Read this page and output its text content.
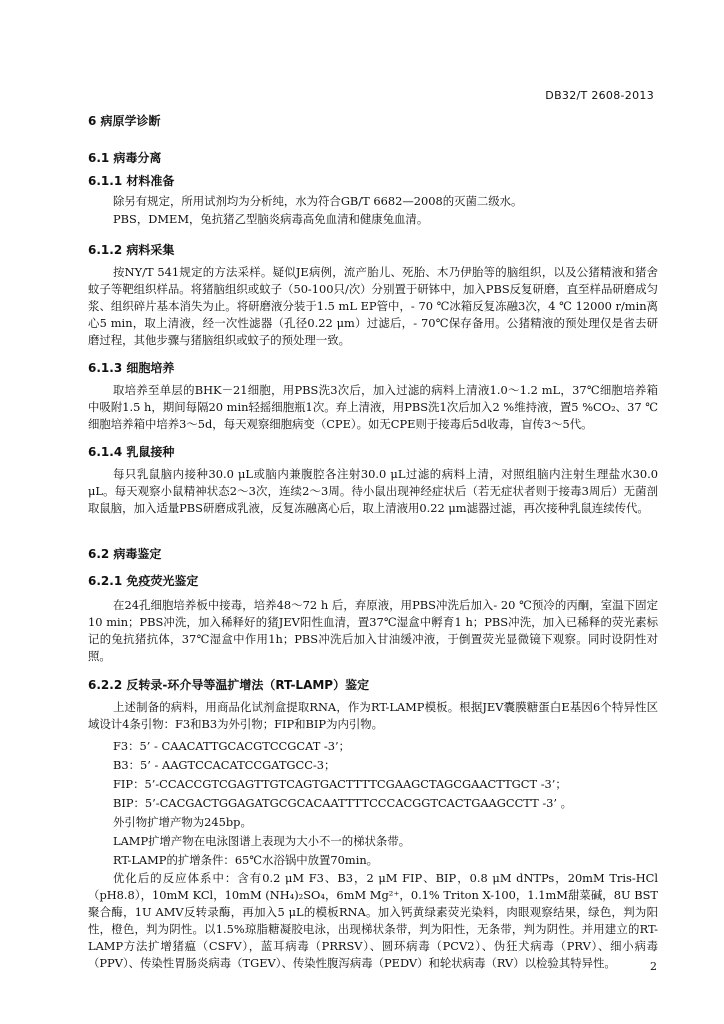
DB32/T 2608-2013
6 病原学诊断
6.1 病毒分离
6.1.1 材料准备
除另有规定，所用试剂均为分析纯，水为符合GB/T 6682—2008的灭菌二级水。
PBS，DMEM，兔抗猪乙型脑炎病毒高免血清和健康兔血清。
6.1.2 病料采集
按NY/T 541规定的方法采样。疑似JE病例，流产胎儿、死胎、木乃伊胎等的脑组织，以及公猪精液和猪舍蚊子等靶组织样品。将猪脑组织或蚊子（50-100只/次）分别置于研钵中，加入PBS反复研磨，直至样品研磨成匀浆、组织碎片基本消失为止。将研磨液分装于1.5 mL EP管中，- 70 ℃冰箱反复冻融3次，4 ℃ 12000 r/min离心5 min，取上清液，经一次性滤器（孔径0.22 μm）过滤后，- 70℃保存备用。公猪精液的预处理仅是省去研磨过程，其他步骤与猪脑组织或蚊子的预处理一致。
6.1.3 细胞培养
取培养至单层的BHK－21细胞，用PBS洗3次后，加入过滤的病料上清液1.0～1.2 mL，37℃细胞培养箱中吸附1.5 h，期间每隔20 min轻摇细胞瓶1次。弃上清液，用PBS洗1次后加入2 %维持液，置5 %CO₂、37 ℃细胞培养箱中培养3～5d，每天观察细胞病变（CPE）。如无CPE则于接毒后5d收毒，盲传3～5代。
6.1.4 乳鼠接种
每只乳鼠脑内接种30.0 μL或脑内兼腹腔各注射30.0 μL过滤的病料上清，对照组脑内注射生理盐水30.0 μL。每天观察小鼠精神状态2～3次，连续2～3周。待小鼠出现神经症状后（若无症状者则于接毒3周后）无菌剖取鼠脑，加入适量PBS研磨成乳液，反复冻融离心后，取上清液用0.22 μm滤器过滤，再次接种乳鼠连续传代。
6.2 病毒鉴定
6.2.1 免疫荧光鉴定
在24孔细胞培养板中接毒，培养48～72 h 后，弃原液，用PBS冲洗后加入- 20 ℃预冷的丙酮，室温下固定10 min；PBS冲洗，加入稀释好的猪JEV阳性血清，置37℃湿盒中孵育1 h；PBS冲洗，加入已稀释的荧光素标记的兔抗猪抗体，37℃湿盒中作用1h；PBS冲洗后加入甘油缓冲液，于倒置荧光显微镜下观察。同时设阴性对照。
6.2.2 反转录-环介导等温扩增法（RT-LAMP）鉴定
上述制备的病料，用商品化试剂盒提取RNA，作为RT-LAMP模板。根据JEV囊膜糖蛋白E基因6个特异性区域设计4条引物：F3和B3为外引物；FIP和BIP为内引物。
F3：5’ - CAACATTGCACGTCCGCAT -3’；
B3：5’ - AAGTCCACATCCGATGCC-3；
FIP：5’-CCACCGTCGAGTTGTCAGTGACTTTTCGAAGCTAGCGAACTTGCT -3’；
BIP：5’-CACGACTGGAGATGCGCACAATTTTCCCACGGTCACTGAAGCCTT -3’ 。
外引物扩增产物为245bp。
LAMP扩增产物在电泳图谱上表现为大小不一的梯状条带。
RT-LAMP的扩增条件：65℃水浴锅中放置70min。
优化后的反应体系中：含有0.2 μM F3、B3，2 μM FIP、BIP，0.8 μM dNTPs，20mM Tris-HCl（pH8.8），10mM KCl，10mM (NH₄)₂SO₄，6mM Mg²⁺，0.1% Triton X-100，1.1mM甜菜碱，8U BST 聚合酶，1U AMV反转录酶，再加入5 μL的模板RNA。加入钙黄绿素荧光染料，肉眼观察结果，绿色，判为阳性，橙色，判为阴性。以1.5%琼脂糖凝胶电泳，出现梯状条带，判为阳性，无条带，判为阴性。并用建立的RT-LAMP方法扩增猪瘟（CSFV），蓝耳病毒（PRRSV）、圆环病毒（PCV2）、伪狂犬病毒（PRV）、细小病毒（PPV）、传染性胃肠炎病毒（TGEV）、传染性腹泻病毒（PEDV）和轮状病毒（RV）以检验其特异性。	2
